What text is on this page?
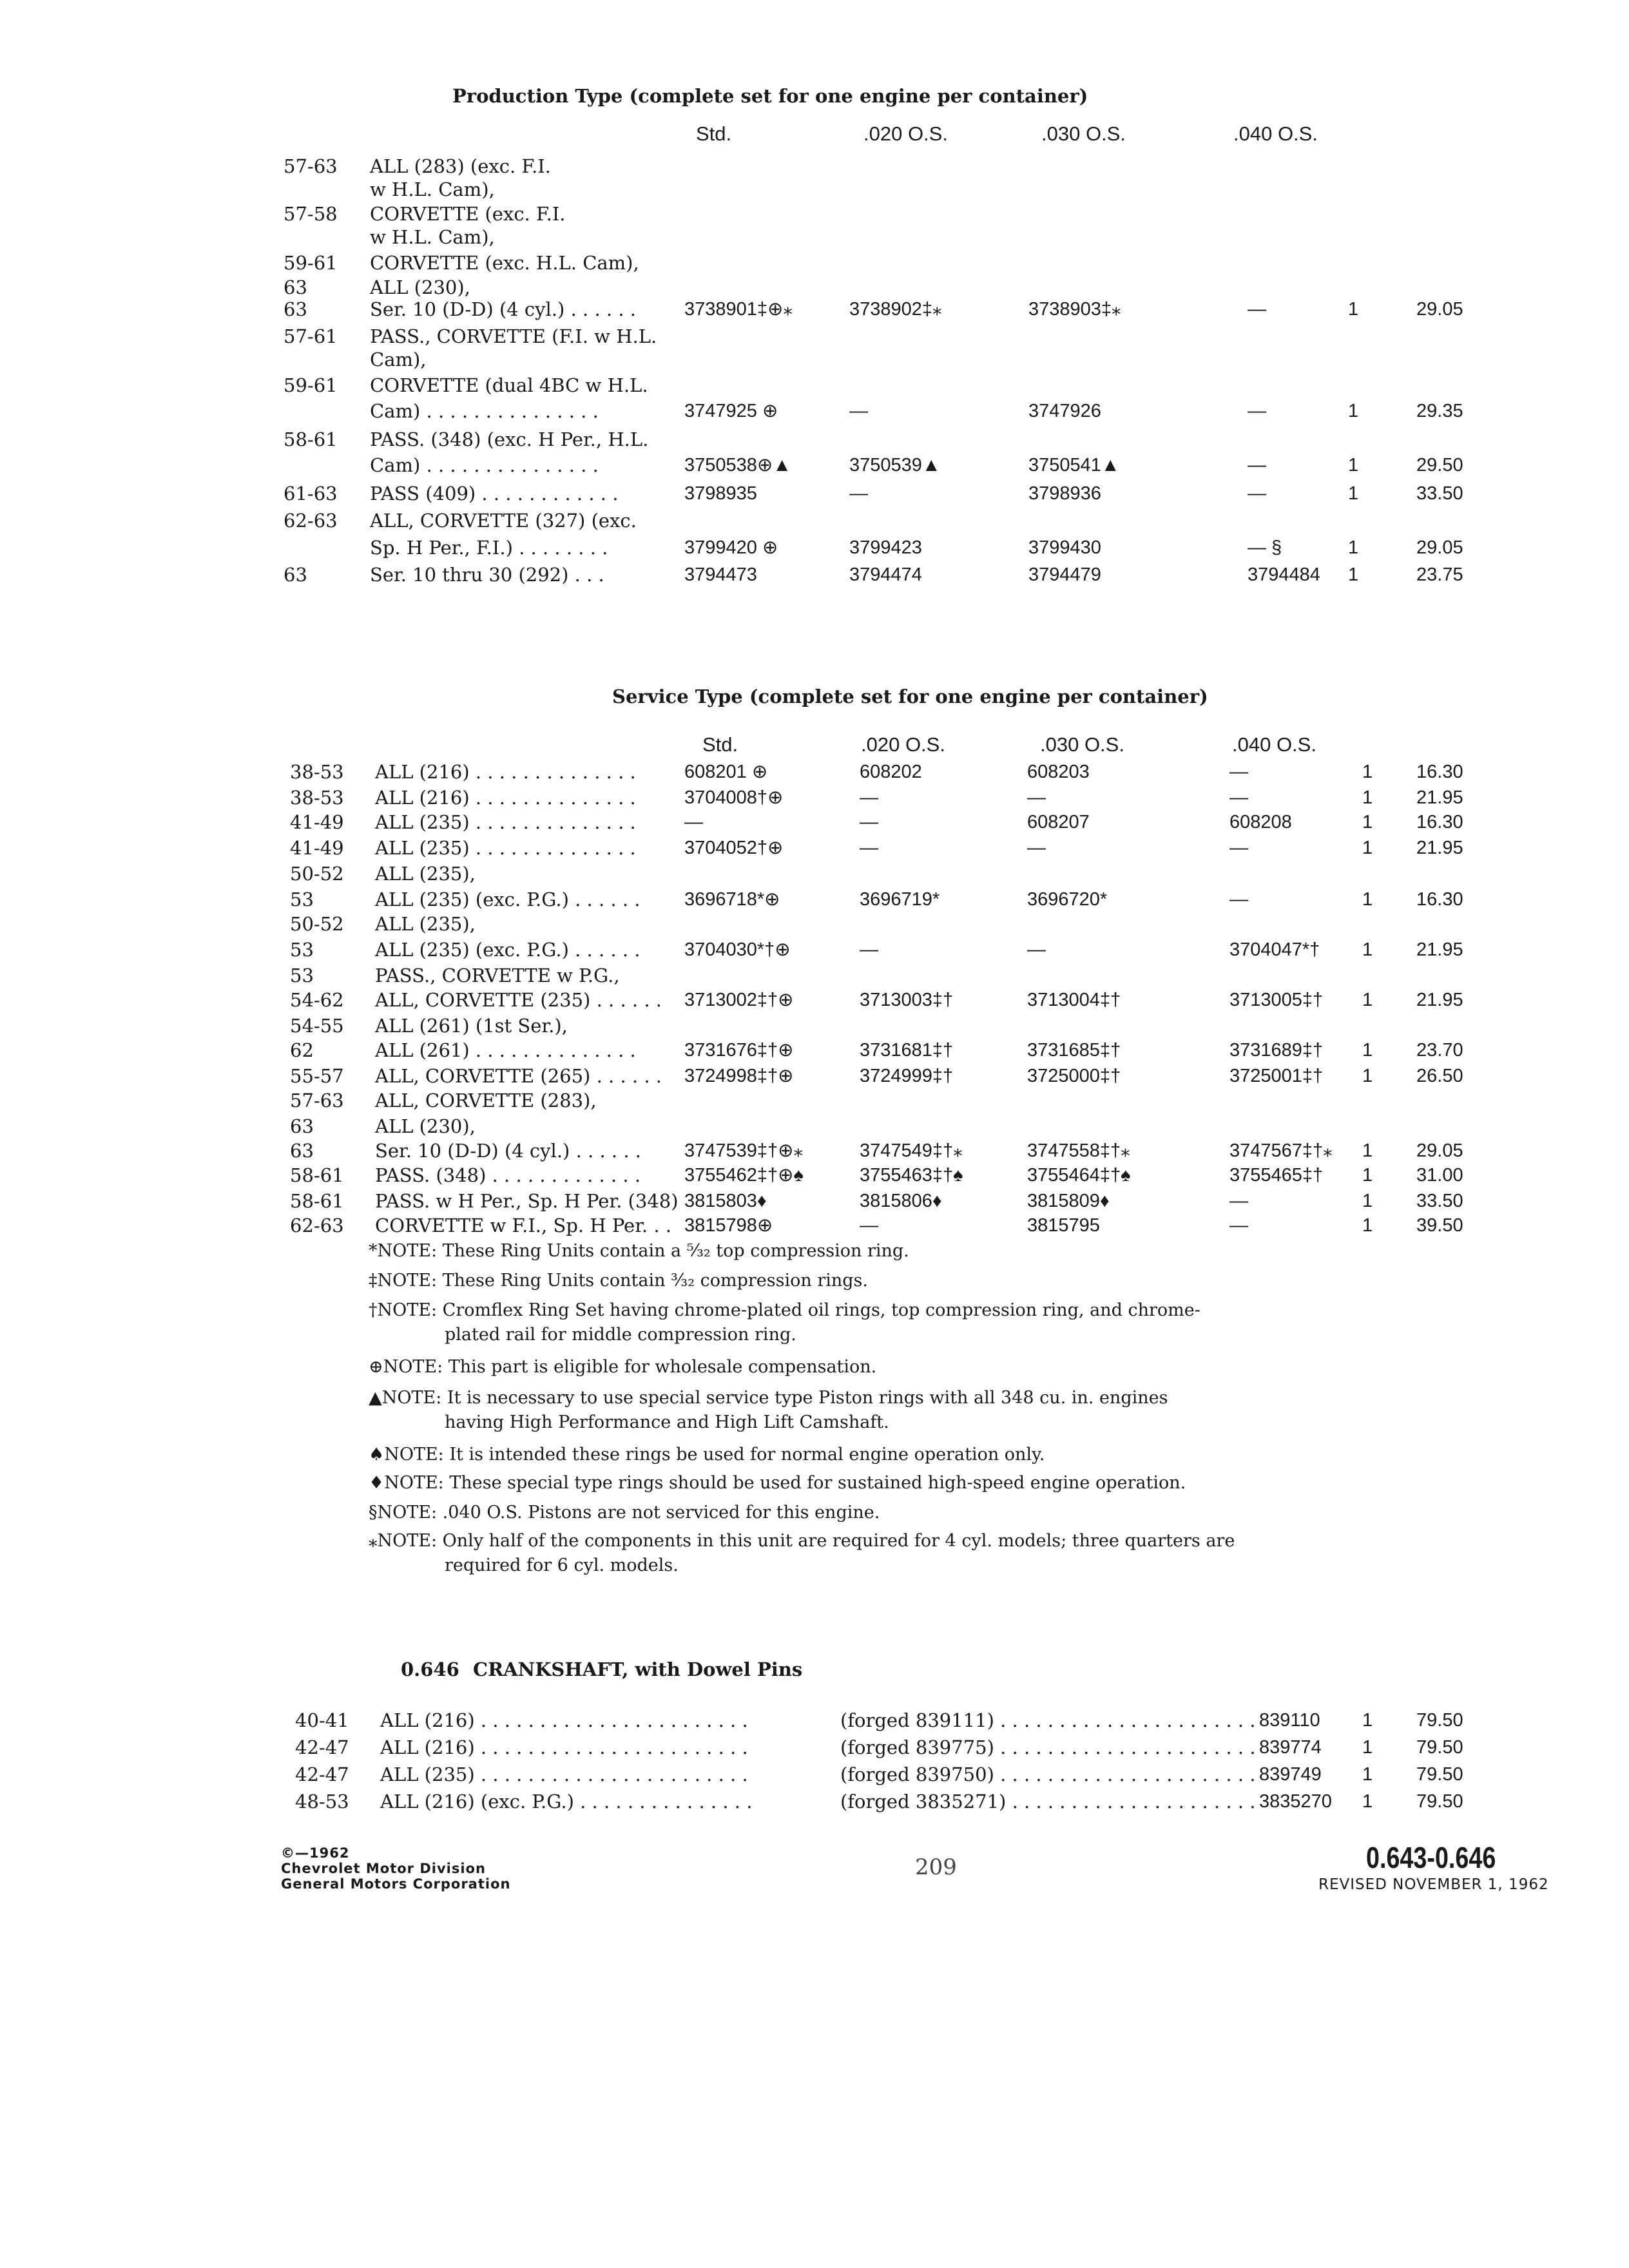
Production Type (complete set for one engine per container)
Std.	.020 O.S.	.030 O.S.	.040 O.S.
57-63 ALL (283) (exc. F.I.
w H.L. Cam),
57-58 CORVETTE (exc. F.I.
w H.L. Cam),
59-61 CORVETTE (exc. H.L. Cam),
63	ALL (230),
63	Ser. 10 (D-D) (4 cyl.) . . . . . .	3738901‡⊕⁎	3738902‡⁎	3738903‡⁎	—	1	29.05
57-61 PASS., CORVETTE (F.I. w H.L.
Cam),
59-61 CORVETTE (dual 4BC w H.L.
Cam) . . . . . . . . . . . . . . .	3747925 ⊕	—	3747926	—	1	29.35
58-61 PASS. (348) (exc. H Per., H.L.
Cam) . . . . . . . . . . . . . . .	3750538⊕▲	3750539▲	3750541▲	—	1	29.50
61-63 PASS (409) . . . . . . . . . . . .	3798935	—	3798936	—	1	33.50
62-63 ALL, CORVETTE (327) (exc.
Sp. H Per., F.I.) . . . . . . . .	3799420 ⊕	3799423	3799430	— §	1	29.05
63	Ser. 10 thru 30 (292) . . .	3794473	3794474	3794479	3794484 1	23.75
Service Type (complete set for one engine per container)
Std.	.020 O.S.	.030 O.S.	.040 O.S.
38-53 ALL (216) . . . . . . . . . . . . . .	608201 ⊕	608202	608203	—	1 16.30
38-53 ALL (216) . . . . . . . . . . . . . .	3704008†⊕	—	—	—	1 21.95
41-49 ALL (235) . . . . . . . . . . . . . .	—	—	608207	608208	1 16.30
41-49 ALL (235) . . . . . . . . . . . . . .	3704052†⊕	—	—	—	1 21.95
50-52 ALL (235),
53	ALL (235) (exc. P.G.) . . . . . . 3696718*⊕	3696719*	3696720*	—	1 16.30
50-52 ALL (235),
53	ALL (235) (exc. P.G.) . . . . . . 3704030*†⊕	—	—	3704047*† 1 21.95
53	PASS., CORVETTE w P.G.,
54-62 ALL, CORVETTE (235) . . . . . . 3713002‡†⊕	3713003‡†	3713004‡†	3713005‡† 1 21.95
54-55 ALL (261) (1st Ser.),
62	ALL (261) . . . . . . . . . . . . . .	3731676‡†⊕	3731681‡†	3731685‡†	3731689‡† 1 23.70
55-57 ALL, CORVETTE (265) . . . . . . 3724998‡†⊕	3724999‡†	3725000‡†	3725001‡† 1 26.50
57-63 ALL, CORVETTE (283),
63	ALL (230),
63	Ser. 10 (D-D) (4 cyl.) . . . . . . 3747539‡†⊕⁎	3747549‡†⁎	3747558‡†⁎	3747567‡†⁎ 1 29.05
58-61 PASS. (348) . . . . . . . . . . . . . 3755462‡†⊕♠	3755463‡†♠	3755464‡†♠	3755465‡† 1 31.00
58-61 PASS. w H Per., Sp. H Per. (348) 3815803♦	3815806♦	3815809♦	—	1 33.50
62-63 CORVETTE w F.I., Sp. H Per. . . 3815798⊕	—	3815795	—	1 39.50
*NOTE: These Ring Units contain a ⁵⁄₃₂ top compression ring.
‡NOTE: These Ring Units contain ³⁄₃₂ compression rings.
†NOTE: Cromflex Ring Set having chrome-plated oil rings, top compression ring, and chrome-
plated rail for middle compression ring.
⊕NOTE: This part is eligible for wholesale compensation.
▲NOTE: It is necessary to use special service type Piston rings with all 348 cu. in. engines
having High Performance and High Lift Camshaft.
♠NOTE: It is intended these rings be used for normal engine operation only.
♦NOTE: These special type rings should be used for sustained high-speed engine operation.
§NOTE: .040 O.S. Pistons are not serviced for this engine.
⁎NOTE: Only half of the components in this unit are required for 4 cyl. models; three quarters are
required for 6 cyl. models.
0.646 CRANKSHAFT, with Dowel Pins
40-41 ALL (216) . . . . . . . . . . . . . . . . . . . . . . .	(forged 839111) . . . . . . . . . . . . . . . . . . . . . . 839110 1 79.50
42-47 ALL (216) . . . . . . . . . . . . . . . . . . . . . . .	(forged 839775) . . . . . . . . . . . . . . . . . . . . . . 839774 1 79.50
42-47 ALL (235) . . . . . . . . . . . . . . . . . . . . . . .	(forged 839750) . . . . . . . . . . . . . . . . . . . . . . 839749 1 79.50
48-53 ALL (216) (exc. P.G.) . . . . . . . . . . . . . . .	(forged 3835271) . . . . . . . . . . . . . . . . . . . . . 3835270 1 79.50
©—1962
Chevrolet Motor Division
General Motors Corporation
209	0.643-0.646
REVISED NOVEMBER 1, 1962
